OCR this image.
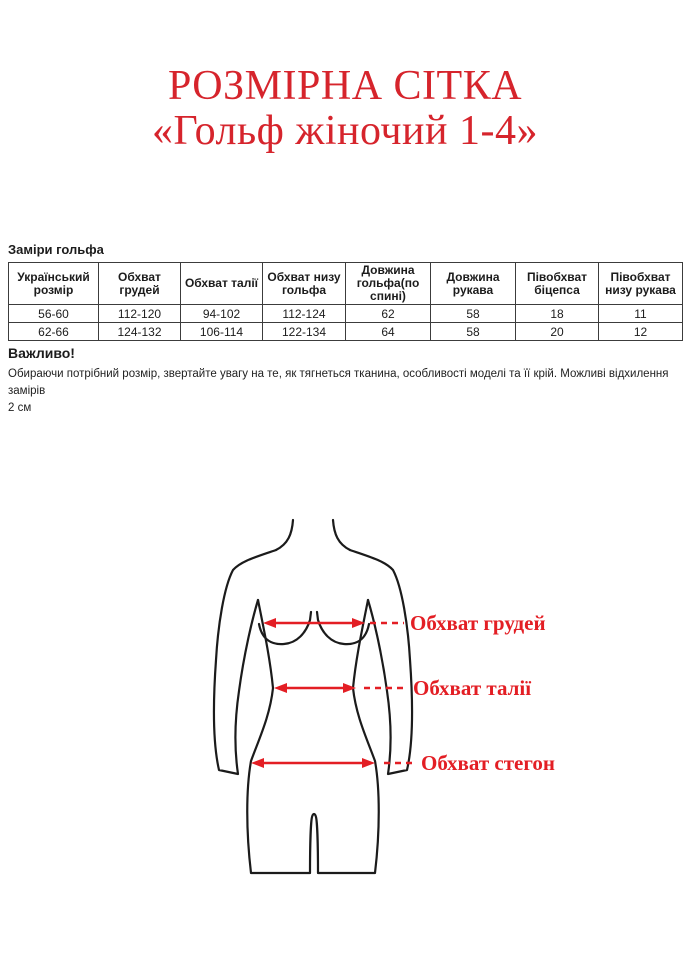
РОЗМІРНА СІТКА
«Гольф жіночий 1-4»

Заміри гольфа

Український розмір	Обхват грудей	Обхват талії	Обхват низу гольфа	Довжина гольфа(по спині)	Довжина рукава	Півобхват біцепса	Півобхват низу рукава
56-60	112-120	94-102	112-124	62	58	18	11
62-66	124-132	106-114	122-134	64	58	20	12

Важливо!

Обираючи потрібний розмір, звертайте увагу на те, як тягнеться тканина, особливості моделі та її крій. Можливі відхилення замірів
2 см

Обхват грудей
Обхват талії
Обхват стегон
